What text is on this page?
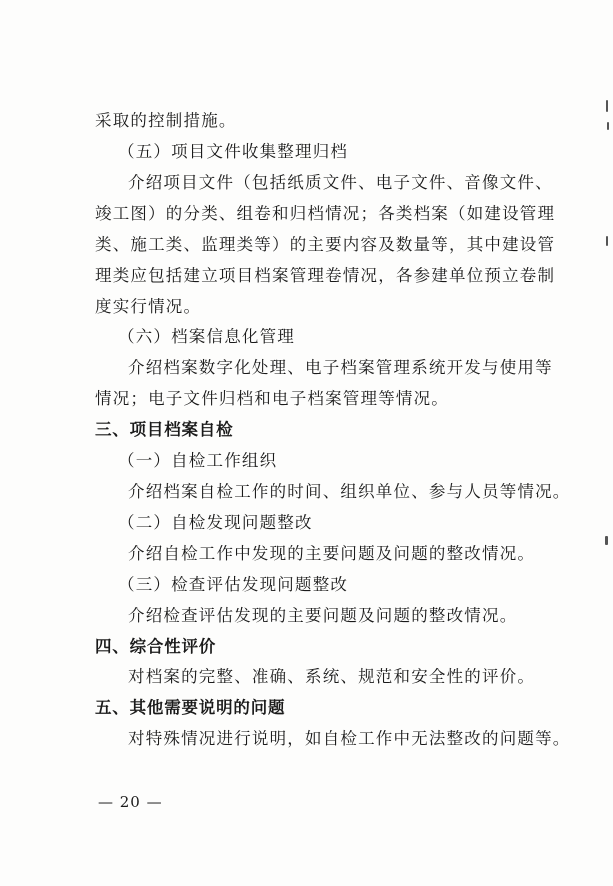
采取的控制措施。
（五）项目文件收集整理归档
介绍项目文件（包括纸质文件、电子文件、音像文件、
竣工图）的分类、组卷和归档情况；各类档案（如建设管理
类、施工类、监理类等）的主要内容及数量等，其中建设管
理类应包括建立项目档案管理卷情况，各参建单位预立卷制
度实行情况。
（六）档案信息化管理
介绍档案数字化处理、电子档案管理系统开发与使用等
情况；电子文件归档和电子档案管理等情况。
三、项目档案自检
（一）自检工作组织
介绍档案自检工作的时间、组织单位、参与人员等情况。
（二）自检发现问题整改
介绍自检工作中发现的主要问题及问题的整改情况。
（三）检查评估发现问题整改
介绍检查评估发现的主要问题及问题的整改情况。
四、综合性评价
对档案的完整、准确、系统、规范和安全性的评价。
五、其他需要说明的问题
对特殊情况进行说明，如自检工作中无法整改的问题等。
— 20 —
